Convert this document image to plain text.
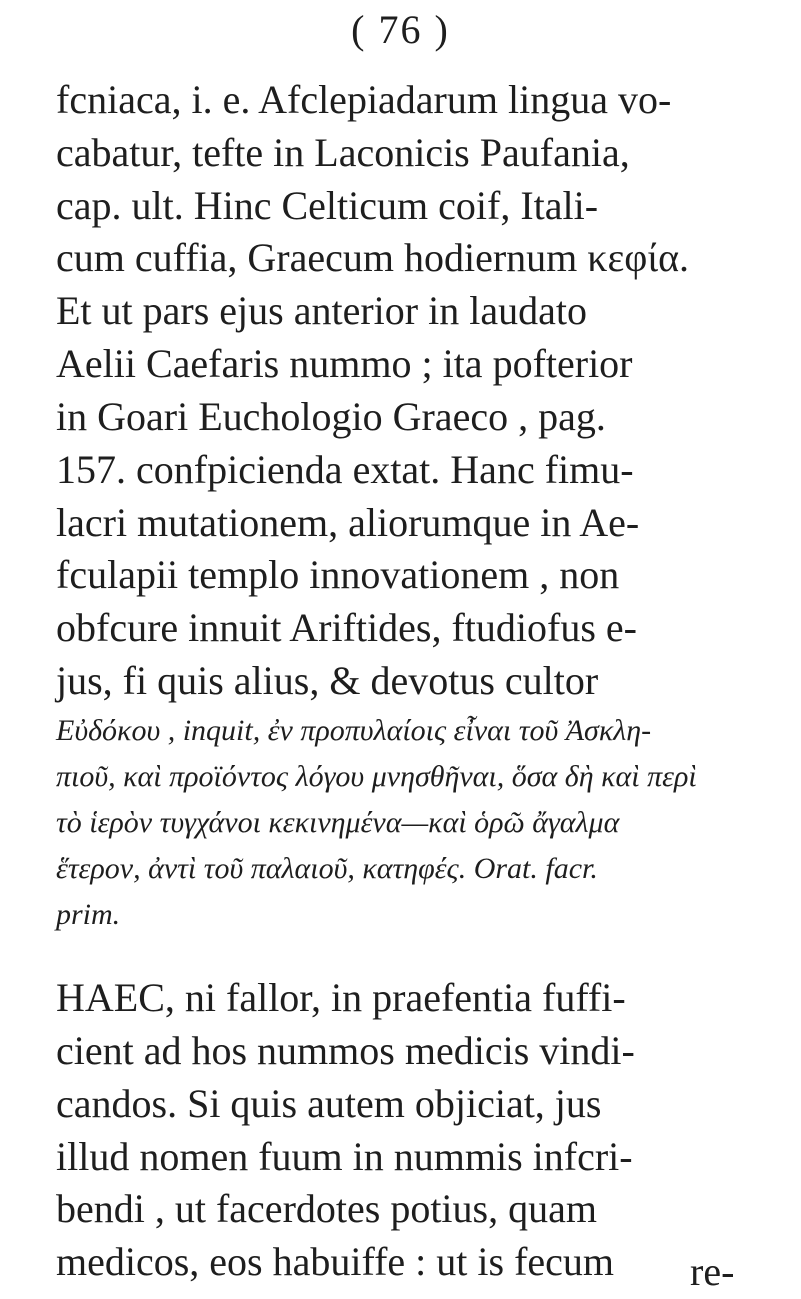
( 76 )
fcniaca, i. e. Afclepiadarum lingua vo-
cabatur, tefte in Laconicis Paufania,
cap. ult. Hinc Celticum coif, Itali-
cum cuffia, Graecum hodiernum κεφία.
Et ut pars ejus anterior in laudato
Aelii Caefaris nummo ; ita pofterior
in Goari Euchologio Graeco , pag.
157. confpicienda extat. Hanc fimu-
lacri mutationem, aliorumque in Ae-
fculapii templo innovationem , non
obfcure innuit Ariftides, ftudiofus e-
jus, fi quis alius, & devotus cultor
Εὐδόκου , inquit, ἐν προπυλαίοις εἶναι τοῦ Ἀσκλη-
πιοῦ, καὶ προϊόντος λόγου μνησθῆναι, ὅσα δὴ καὶ περὶ
τὸ ἱερὸν τυγχάνοι κεκινημένα—καὶ ὁρῶ ἄγαλμα
ἕτερον, ἀντὶ τοῦ παλαιοῦ, κατηφές. Orat. facr.
prim.
HAEC, ni fallor, in praefentia fuffi-
cient ad hos nummos medicis vindi-
candos. Si quis autem objiciat, jus
illud nomen fuum in nummis infcri-
bendi , ut facerdotes potius, quam
medicos, eos habuiffe : ut is fecum	re-
